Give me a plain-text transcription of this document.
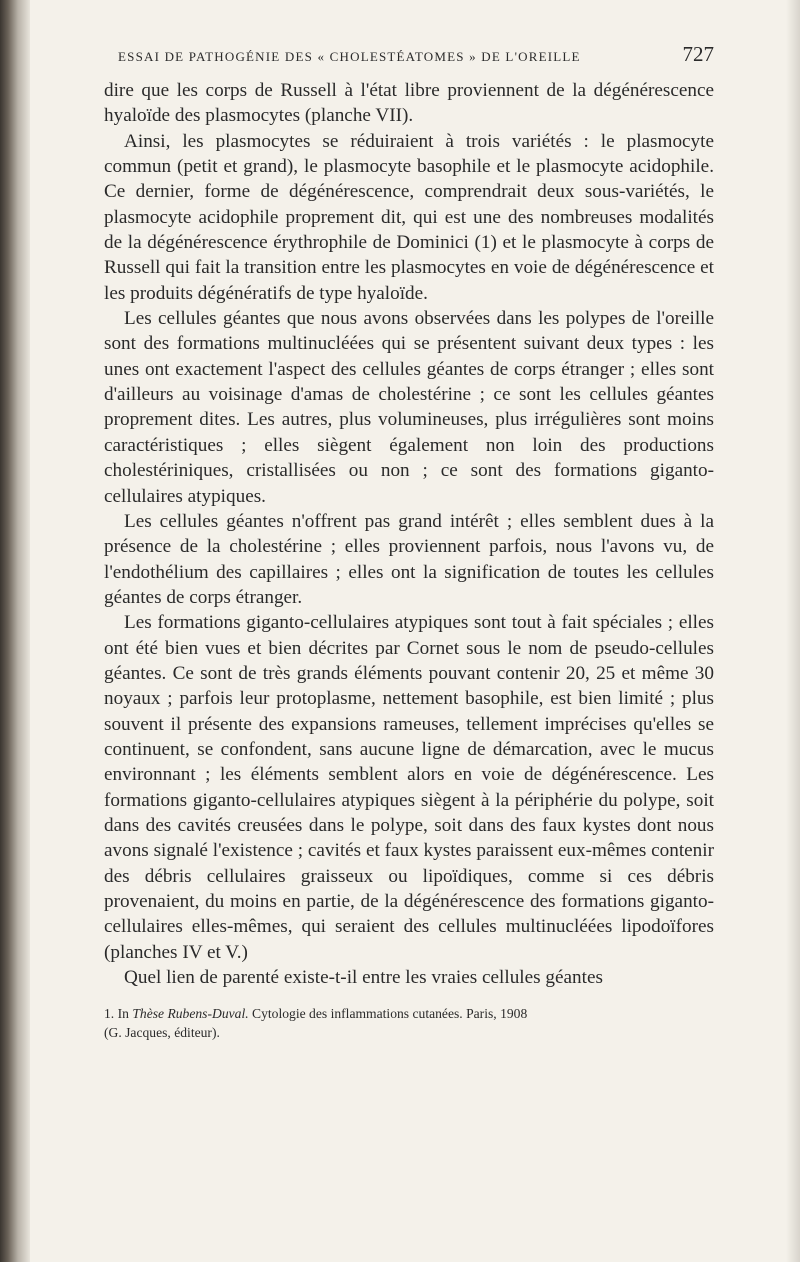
ESSAI DE PATHOGÉNIE DES « CHOLESTÉATOMES » DE L'OREILLE	727

dire que les corps de Russell à l'état libre proviennent de la dégénérescence hyaloïde des plasmocytes (planche VII).

Ainsi, les plasmocytes se réduiraient à trois variétés : le plasmocyte commun (petit et grand), le plasmocyte basophile et le plasmocyte acidophile. Ce dernier, forme de dégénérescence, comprendrait deux sous-variétés, le plasmocyte acidophile proprement dit, qui est une des nombreuses modalités de la dégénérescence érythrophile de Dominici (1) et le plasmocyte à corps de Russell qui fait la transition entre les plasmocytes en voie de dégénérescence et les produits dégénératifs de type hyaloïde.

Les cellules géantes que nous avons observées dans les polypes de l'oreille sont des formations multinucléées qui se présentent suivant deux types : les unes ont exactement l'aspect des cellules géantes de corps étranger ; elles sont d'ailleurs au voisinage d'amas de cholestérine ; ce sont les cellules géantes proprement dites. Les autres, plus volumineuses, plus irrégulières sont moins caractéristiques ; elles siègent également non loin des productions cholestériniques, cristallisées ou non ; ce sont des formations giganto-cellulaires atypiques.

Les cellules géantes n'offrent pas grand intérêt ; elles semblent dues à la présence de la cholestérine ; elles proviennent parfois, nous l'avons vu, de l'endothélium des capillaires ; elles ont la signification de toutes les cellules géantes de corps étranger.

Les formations giganto-cellulaires atypiques sont tout à fait spéciales ; elles ont été bien vues et bien décrites par Cornet sous le nom de pseudo-cellules géantes. Ce sont de très grands éléments pouvant contenir 20, 25 et même 30 noyaux ; parfois leur protoplasme, nettement basophile, est bien limité ; plus souvent il présente des expansions rameuses, tellement imprécises qu'elles se continuent, se confondent, sans aucune ligne de démarcation, avec le mucus environnant ; les éléments semblent alors en voie de dégénérescence. Les formations giganto-cellulaires atypiques siègent à la périphérie du polype, soit dans des cavités creusées dans le polype, soit dans des faux kystes dont nous avons signalé l'existence ; cavités et faux kystes paraissent eux-mêmes contenir des débris cellulaires graisseux ou lipoïdiques, comme si ces débris provenaient, du moins en partie, de la dégénérescence des formations giganto-cellulaires elles-mêmes, qui seraient des cellules multinucléées lipodoïfores (planches IV et V.)

Quel lien de parenté existe-t-il entre les vraies cellules géantes

1. In Thèse Rubens-Duval. Cytologie des inflammations cutanées. Paris, 1908
(G. Jacques, éditeur).
